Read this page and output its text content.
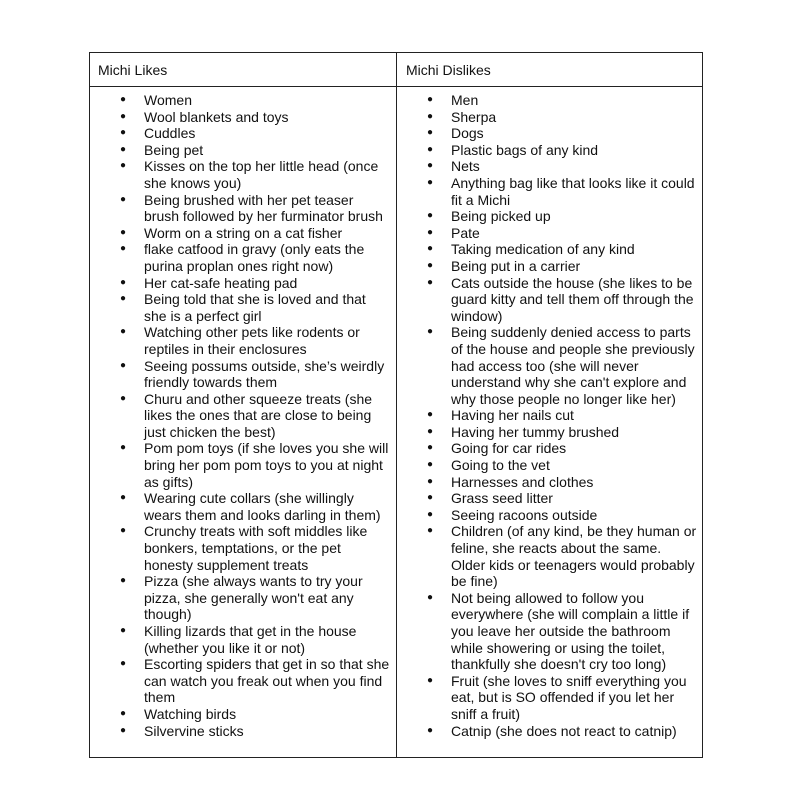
Michi Likes	Michi Dislikes
● Women
● Wool blankets and toys
● Cuddles
● Being pet
● Kisses on the top her little head (once she knows you)
● Being brushed with her pet teaser brush followed by her furminator brush
● Worm on a string on a cat fisher
● flake catfood in gravy (only eats the purina proplan ones right now)
● Her cat-safe heating pad
● Being told that she is loved and that she is a perfect girl
● Watching other pets like rodents or reptiles in their enclosures
● Seeing possums outside, she’s weirdly friendly towards them
● Churu and other squeeze treats (she likes the ones that are close to being just chicken the best)
● Pom pom toys (if she loves you she will bring her pom pom toys to you at night as gifts)
● Wearing cute collars (she willingly wears them and looks darling in them)
● Crunchy treats with soft middles like bonkers, temptations, or the pet honesty supplement treats
● Pizza (she always wants to try your pizza, she generally won't eat any though)
● Killing lizards that get in the house (whether you like it or not)
● Escorting spiders that get in so that she can watch you freak out when you find them
● Watching birds
● Silvervine sticks
● Men
● Sherpa
● Dogs
● Plastic bags of any kind
● Nets
● Anything bag like that looks like it could fit a Michi
● Being picked up
● Pate
● Taking medication of any kind
● Being put in a carrier
● Cats outside the house (she likes to be guard kitty and tell them off through the window)
● Being suddenly denied access to parts of the house and people she previously had access too (she will never understand why she can't explore and why those people no longer like her)
● Having her nails cut
● Having her tummy brushed
● Going for car rides
● Going to the vet
● Harnesses and clothes
● Grass seed litter
● Seeing racoons outside
● Children (of any kind, be they human or feline, she reacts about the same. Older kids or teenagers would probably be fine)
● Not being allowed to follow you everywhere (she will complain a little if you leave her outside the bathroom while showering or using the toilet, thankfully she doesn't cry too long)
● Fruit (she loves to sniff everything you eat, but is SO offended if you let her sniff a fruit)
● Catnip (she does not react to catnip)
